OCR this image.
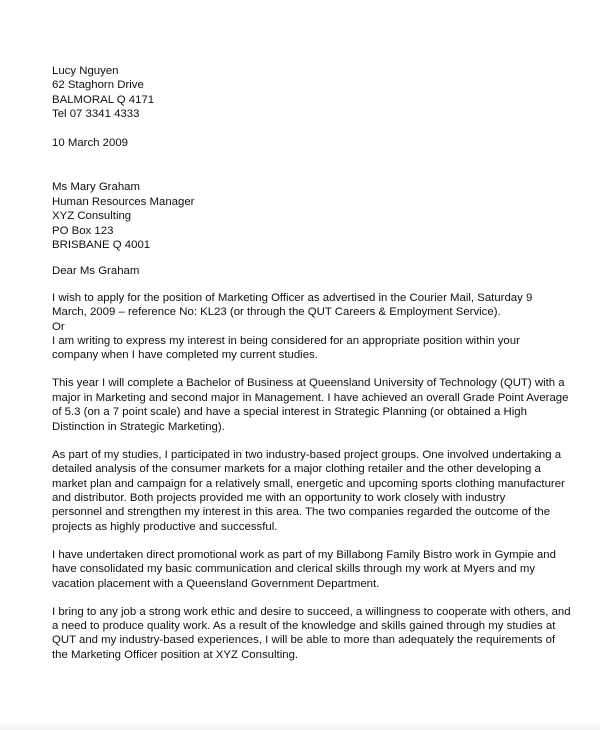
Lucy Nguyen
62 Staghorn Drive
BALMORAL Q 4171
Tel 07 3341 4333
10 March 2009
Ms Mary Graham
Human Resources Manager
XYZ Consulting
PO Box 123
BRISBANE Q 4001
Dear Ms Graham
I wish to apply for the position of Marketing Officer as advertised in the Courier Mail, Saturday 9
March, 2009 – reference No: KL23 (or through the QUT Careers & Employment Service).
Or
I am writing to express my interest in being considered for an appropriate position within your
company when I have completed my current studies.
This year I will complete a Bachelor of Business at Queensland University of Technology (QUT) with a
major in Marketing and second major in Management. I have achieved an overall Grade Point Average
of 5.3 (on a 7 point scale) and have a special interest in Strategic Planning (or obtained a High
Distinction in Strategic Marketing).
As part of my studies, I participated in two industry-based project groups. One involved undertaking a
detailed analysis of the consumer markets for a major clothing retailer and the other developing a
market plan and campaign for a relatively small, energetic and upcoming sports clothing manufacturer
and distributor. Both projects provided me with an opportunity to work closely with industry
personnel and strengthen my interest in this area. The two companies regarded the outcome of the
projects as highly productive and successful.
I have undertaken direct promotional work as part of my Billabong Family Bistro work in Gympie and
have consolidated my basic communication and clerical skills through my work at Myers and my
vacation placement with a Queensland Government Department.
I bring to any job a strong work ethic and desire to succeed, a willingness to cooperate with others, and
a need to produce quality work. As a result of the knowledge and skills gained through my studies at
QUT and my industry-based experiences, I will be able to more than adequately the requirements of
the Marketing Officer position at XYZ Consulting.
